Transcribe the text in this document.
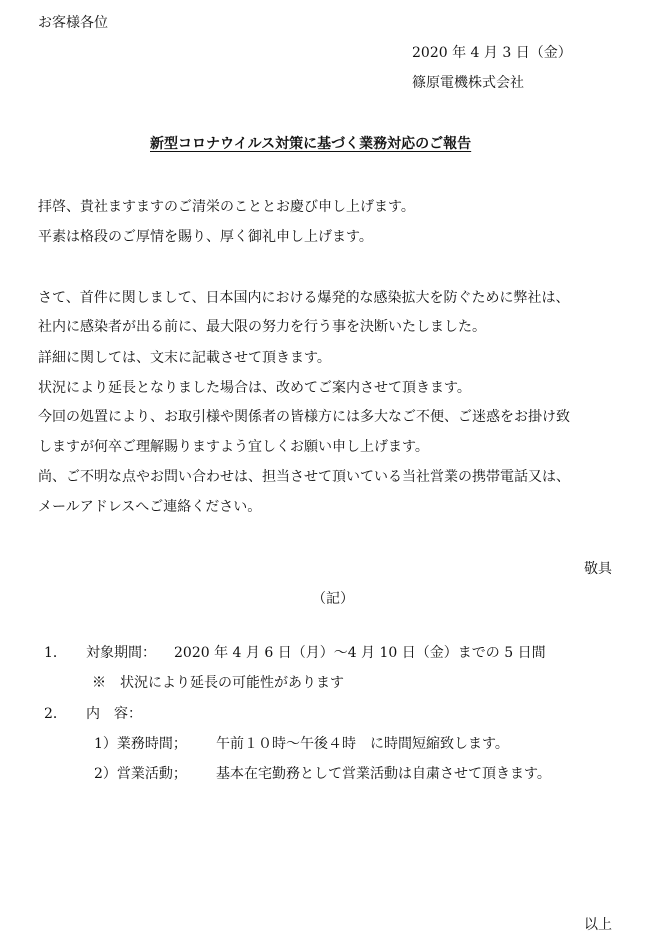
お客様各位
2020 年 4 月 3 日（金）
篠原電機株式会社
新型コロナウイルス対策に基づく業務対応のご報告
拝啓、貴社ますますのご清栄のこととお慶び申し上げます。
平素は格段のご厚情を賜り、厚く御礼申し上げます。
さて、首件に関しまして、日本国内における爆発的な感染拡大を防ぐために弊社は、
社内に感染者が出る前に、最大限の努力を行う事を決断いたしました。
詳細に関しては、文末に記載させて頂きます。
状況により延長となりました場合は、改めてご案内させて頂きます。
今回の処置により、お取引様や関係者の皆様方には多大なご不便、ご迷惑をお掛け致
しますが何卒ご理解賜りますよう宜しくお願い申し上げます。
尚、ご不明な点やお問い合わせは、担当させて頂いている当社営業の携帯電話又は、
メールアドレスへご連絡ください。
敬具
（記）
1． 対象期間： 2020 年 4 月 6 日（月）～4 月 10 日（金）までの 5 日間
※　状況により延長の可能性があります
2． 内　容：
1）業務時間； 午前１０時～午後４時　に時間短縮致します。
2）営業活動； 基本在宅勤務として営業活動は自粛させて頂きます。
以上
